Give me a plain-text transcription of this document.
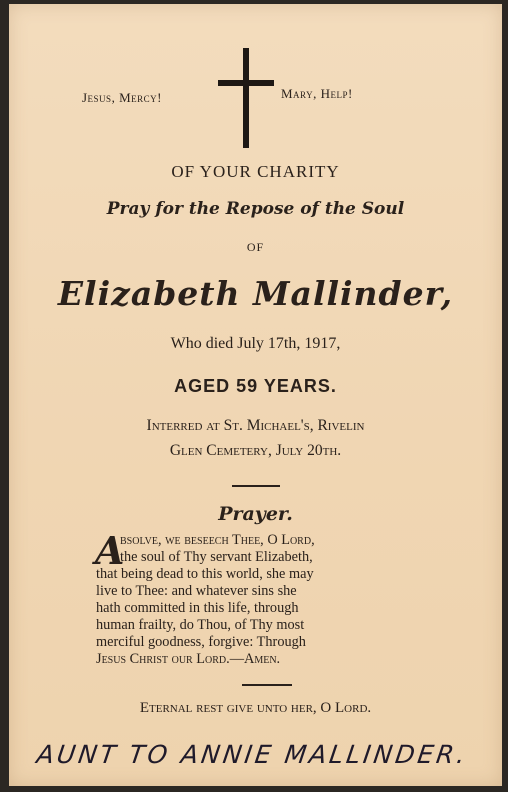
Jesus, Mercy!	Mary, Help!
OF YOUR CHARITY
Pray for the Repose of the Soul
OF
Elizabeth Mallinder,
Who died July 17th, 1917,
AGED 59 YEARS.
Interred at St. Michael's, Rivelin
Glen Cemetery, July 20th.
Prayer.
A
bsolve, we beseech Thee, O Lord,
the soul of Thy servant Elizabeth,
that being dead to this world, she may
live to Thee: and whatever sins she
hath committed in this life, through
human frailty, do Thou, of Thy most
merciful goodness, forgive: Through
Jesus Christ our Lord.—Amen.
Eternal rest give unto her, O Lord.
AUNT TO ANNIE MALLINDER.
